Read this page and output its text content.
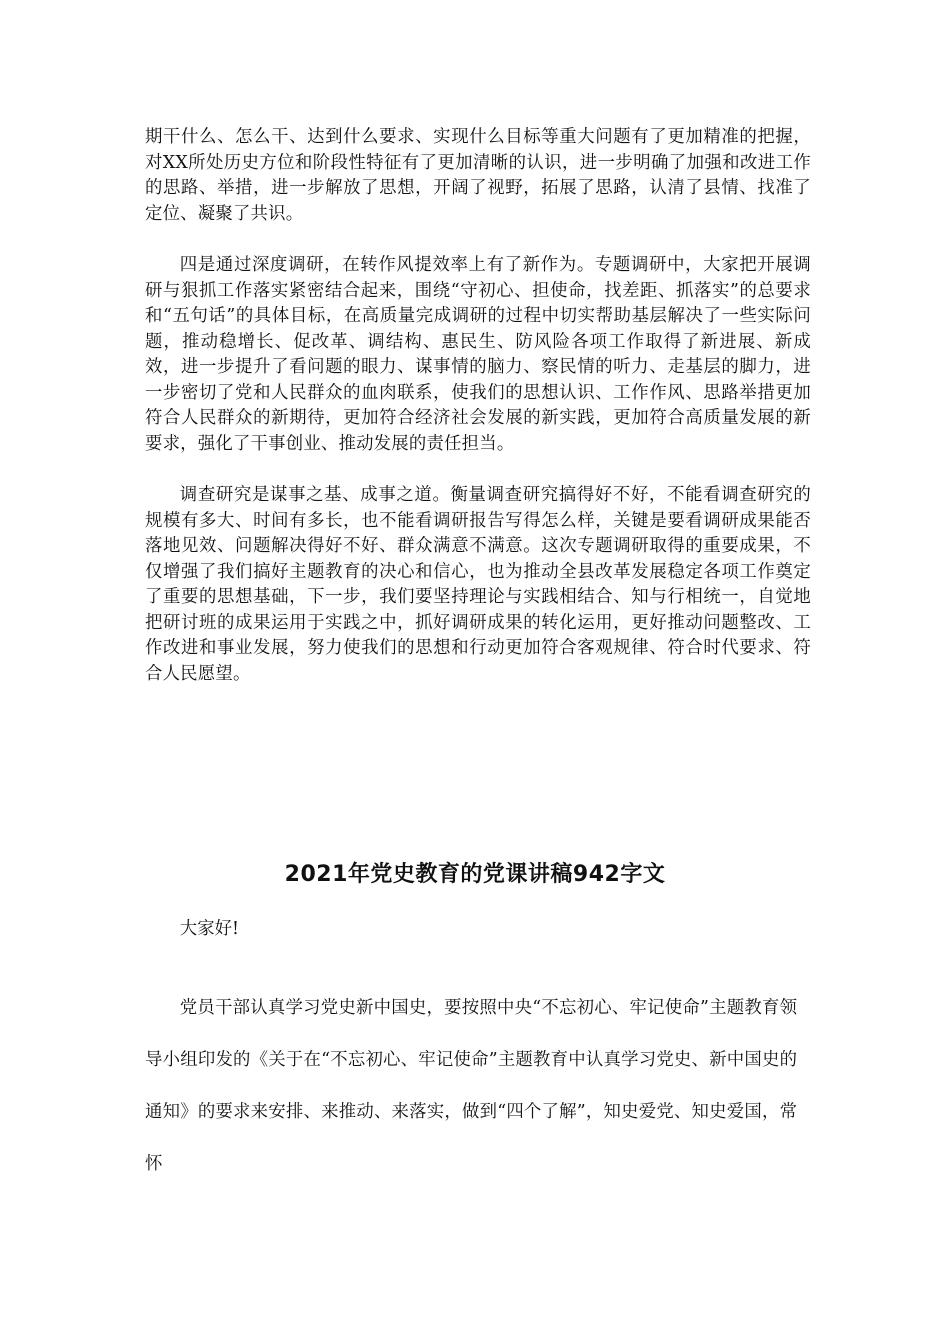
期干什么、怎么干、达到什么要求、实现什么目标等重大问题有了更加精准的把握，对XX所处历史方位和阶段性特征有了更加清晰的认识，进一步明确了加强和改进工作的思路、举措，进一步解放了思想，开阔了视野，拓展了思路，认清了县情、找准了定位、凝聚了共识。

四是通过深度调研，在转作风提效率上有了新作为。专题调研中，大家把开展调研与狠抓工作落实紧密结合起来，围绕“守初心、担使命，找差距、抓落实”的总要求和“五句话”的具体目标，在高质量完成调研的过程中切实帮助基层解决了一些实际问题，推动稳增长、促改革、调结构、惠民生、防风险各项工作取得了新进展、新成效，进一步提升了看问题的眼力、谋事情的脑力、察民情的听力、走基层的脚力，进一步密切了党和人民群众的血肉联系，使我们的思想认识、工作作风、思路举措更加符合人民群众的新期待，更加符合经济社会发展的新实践，更加符合高质量发展的新要求，强化了干事创业、推动发展的责任担当。

调查研究是谋事之基、成事之道。衡量调查研究搞得好不好，不能看调查研究的规模有多大、时间有多长，也不能看调研报告写得怎么样，关键是要看调研成果能否落地见效、问题解决得好不好、群众满意不满意。这次专题调研取得的重要成果，不仅增强了我们搞好主题教育的决心和信心，也为推动全县改革发展稳定各项工作奠定了重要的思想基础，下一步，我们要坚持理论与实践相结合、知与行相统一，自觉地把研讨班的成果运用于实践之中，抓好调研成果的转化运用，更好推动问题整改、工作改进和事业发展，努力使我们的思想和行动更加符合客观规律、符合时代要求、符合人民愿望。

2021年党史教育的党课讲稿942字文

大家好!

党员干部认真学习党史新中国史，要按照中央“不忘初心、牢记使命”主题教育领导小组印发的《关于在“不忘初心、牢记使命”主题教育中认真学习党史、新中国史的通知》的要求来安排、来推动、来落实，做到“四个了解”，知史爱党、知史爱国，常怀
